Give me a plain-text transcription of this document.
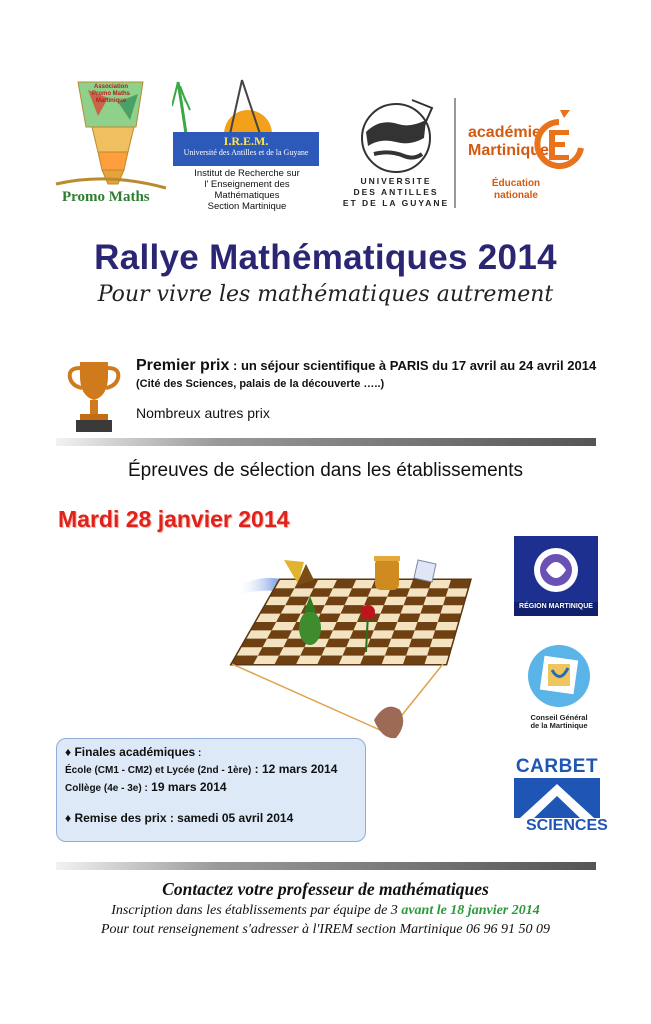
Association Promo Maths Martinique
Promo Maths
I.R.E.M.
Université des Antilles et de la Guyane
Institut de Recherche sur
l' Enseignement des
Mathématiques
Section Martinique
UNIVERSITE
DES ANTILLES
ET DE LA GUYANE
académie
Martinique
Éducation
nationale
Rallye Mathématiques 2014
Pour vivre les mathématiques autrement
Premier prix : un séjour scientifique à PARIS du 17 avril au 24 avril 2014
(Cité des Sciences, palais de la découverte …..)
Nombreux autres prix
Épreuves de sélection dans les établissements
Mardi 28 janvier 2014
RÉGION MARTINIQUE
Conseil Général
de la Martinique
CARBET
SCIENCES
♦ Finales académiques :
École (CM1 - CM2) et Lycée (2nd - 1ère) : 12 mars 2014
Collège (4e - 3e) : 19 mars 2014
♦ Remise des prix : samedi 05 avril 2014
Contactez votre professeur de mathématiques
Inscription dans les établissements par équipe de 3 avant le 18 janvier 2014
Pour tout renseignement s'adresser à l'IREM section Martinique 06 96 91 50 09
